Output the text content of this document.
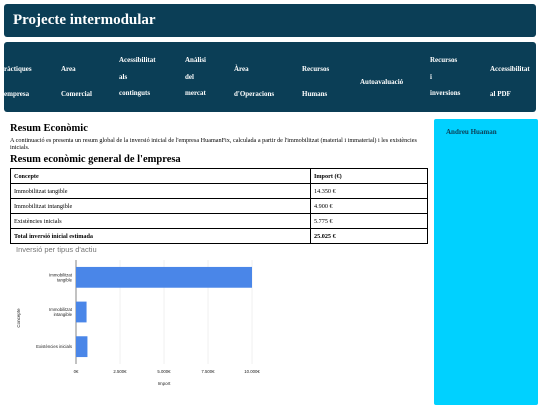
Projecte intermodular
ràctiques
empresa
Area
Comercial
Acessibilitat
als
continguts
Anàlisi
del
mercat
Àrea
d'Operacions
Recursos
Humans
Autoavaluació
Recursos
i
inversions
Accessibilitat
al PDF
Resum Econòmic
A continuació es presenta un resum global de la inversió inicial de l'empresa HuamanFix, calculada a partir de l'immobilitzat (material i immaterial) i les existències inicials.
Resum econòmic general de l'empresa
Concepte	Import (€)
Immobilitzat tangible	14.350 €
Immobilitzat intangible	4.900 €
Existències inicials	5.775 €
Total inversió inicial estimada	25.025 €
Inversió per tipus d'actiu
Immobilitzat
tangible
Immobilitzat
intangible
Existències inicials
0€	2.500€	5.000€	7.500€	10.000€
Import
Concepte
Andreu Huaman
